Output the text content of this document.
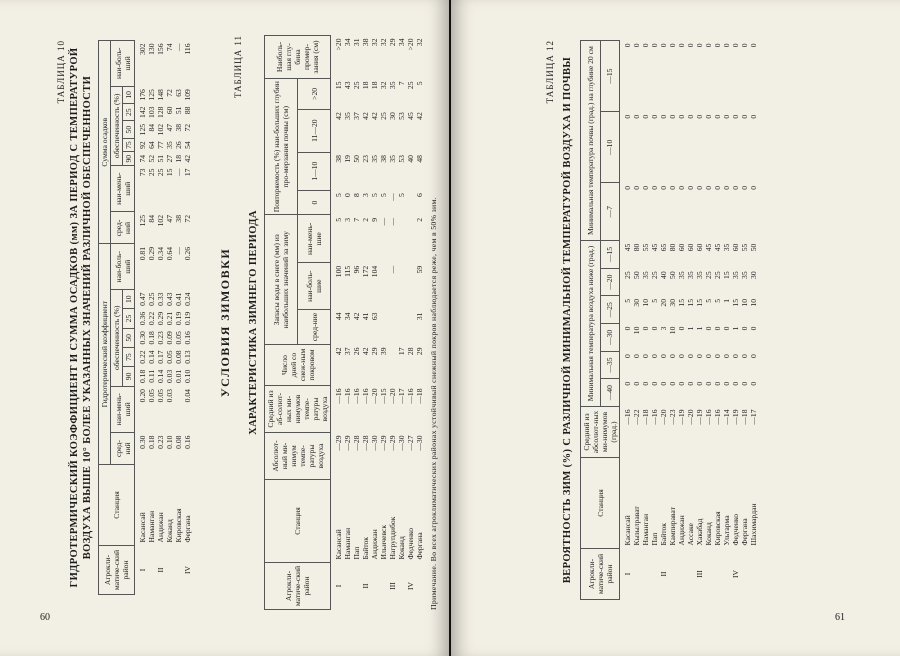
60
ТАБЛИЦА 10 ГИДРОТЕРМИЧЕСКИЙ КОЭФФИЦИЕНТ И СУММА ОСАДКОВ (мм) ЗА ПЕРИОД С ТЕМПЕРАТУРОЙ ВОЗДУХА ВЫШЕ 10° БОЛЕЕ УКАЗАННЫХ ЗНАЧЕНИЙ РАЗЛИЧНОЙ ОБЕСПЕЧЕННОСТИ
Агрокли-матиче-ский район	Станция	Гидротермический коэффициент								Сумма осадков							
		сред-ний	наи-мень-ший	обеспеченность (%)					наи-боль-ший	сред-ний	наи-мень-ший	обеспеченность (%)					наи-боль-ший
				90	75	50	25	10				90	75	50	25	10	
I	Касансай	0.30	0.20	0.18	0.22	0.30	0.36	0.47	0.81	125	73	74	92	125	142	176	302
	Наманган	0.18	0.05	0.11	0.14	0.18	0.22	0.25	0.29	84	25	52	64	84	103	125	130
II	Андижан	0.23	0.05	0.14	0.17	0.23	0.29	0.33	0.34	102	25	51	77	102	128	148	156
	Коканд	0.10	0.03	0.03	0.05	0.09	0.21	0.43	0.64	47	15	27	35	47	60	72	74
	Кировская	0.08		0.01	0.08	0.05	0.19	0.41	—	38	—	18	26	38	51	63	—
IV	Фергана	0.16	0.04	0.10	0.13	0.16	0.19	0.24	0.26	72	17	42	54	72	88	109	116
УСЛОВИЯ ЗИМОВКИ
ТАБЛИЦА 11
ХАРАКТЕРИСТИКА ЗИМНЕГО ПЕРИОДА
Агрокли-матиче-ский район	Станция	Абсолют-ный ми-нимум темпе-ратуры воздуха	Средний из аб-солют-ных ми-нимумов темпе-ратуры воздуха	Число дней со снеж-ным покровом	Запасы воды в снеге (мм) из наибольших значений за зиму			Повторяемость (%) наи-больших глубин про-мерзания почвы (см)				Наиболь-шая глу-бина промер-зания (см)
					сред-ние	наи-боль-шие	наи-мень-шие	0	1—10	11—20	>20	
I	Касансай	—29	—16	42	44	100	5	5	38	42	15	>20
	Наманган	—29	—16	37	34	115	3	0	19	35	43	34
	Пап	—28	—16	26	42	96	7	8	50	37	25	31
II	Байток	—28	—16	42	41	172	2	3	23	42	18	38
	Андижан	—30	—20	29	63	104	9	5	35	42	18	32
	Ильичевск	—29	—15	39			—	5	38	25	32	32
III	Нагрупдибок	—29	—20			—	—	—	35	30	35	29
	Коканд	—30	—17	17				5	53	53	7	34
IV	Федченко	—27	—16	28					40	45	25	>20
	Фергана	—30	—18	29	31	59	2	6	48	42	5	32
Примечание. Во всех агроклиматических районах устойчивый снежный покров наблюдается реже, чем в 50% зим.
61
ТАБЛИЦА 12 ВЕРОЯТНОСТЬ ЗИМ (%) С РАЗЛИЧНОЙ МИНИМАЛЬНОЙ ТЕМПЕРАТУРОЙ ВОЗДУХА И ПОЧВЫ Агрокли-матиче-ский район	Станция	Средний из абсолют-ных ми-нимумов (град.)	Минимальная температура воздуха ниже (град.)						Минимальная температура почвы (град.) на глубине 20 см		
			—40	—35	—30	—25	—20	—15	—7	—10	—15
I	Касансай	—16	0	0	0	5	25	45	0	0	0
	Кызылрават	—22	0	0	10	30	50	80	0	0	0
	Наманган	—18	0	0	0	10	35	55	0	0	0
	Пап	—16	0	0	0	5	25	45	0	0	0
II	Байток	—20	0	0	3	20	40	65	0	0	0
	Кампирават	—23	0	0	10	30	50	80	0	0	0
	Андижан	—19	0	0	0	15	35	60	0	0	0
	Ассаке	—20	0	0	1	15	35	60	0	0	0
III	Хакабад	—19	0	0	1	15	35	60	0	0	0
	Коканд	—16	0	0	0	5	25	45	0	0	0
	Кировская	—16	0	0	0	5	25	45	0	0	0
	Ультарма	—14	0	0	0	1	15	35	0	0	0
IV	Федченко	—19	0	0	1	15	35	60	0	0	0
	Фергана	—18	0	0	0	10	35	55	0	0	0
	Шахимардан	—17	0	0	0	10	30	50	0	0	0
